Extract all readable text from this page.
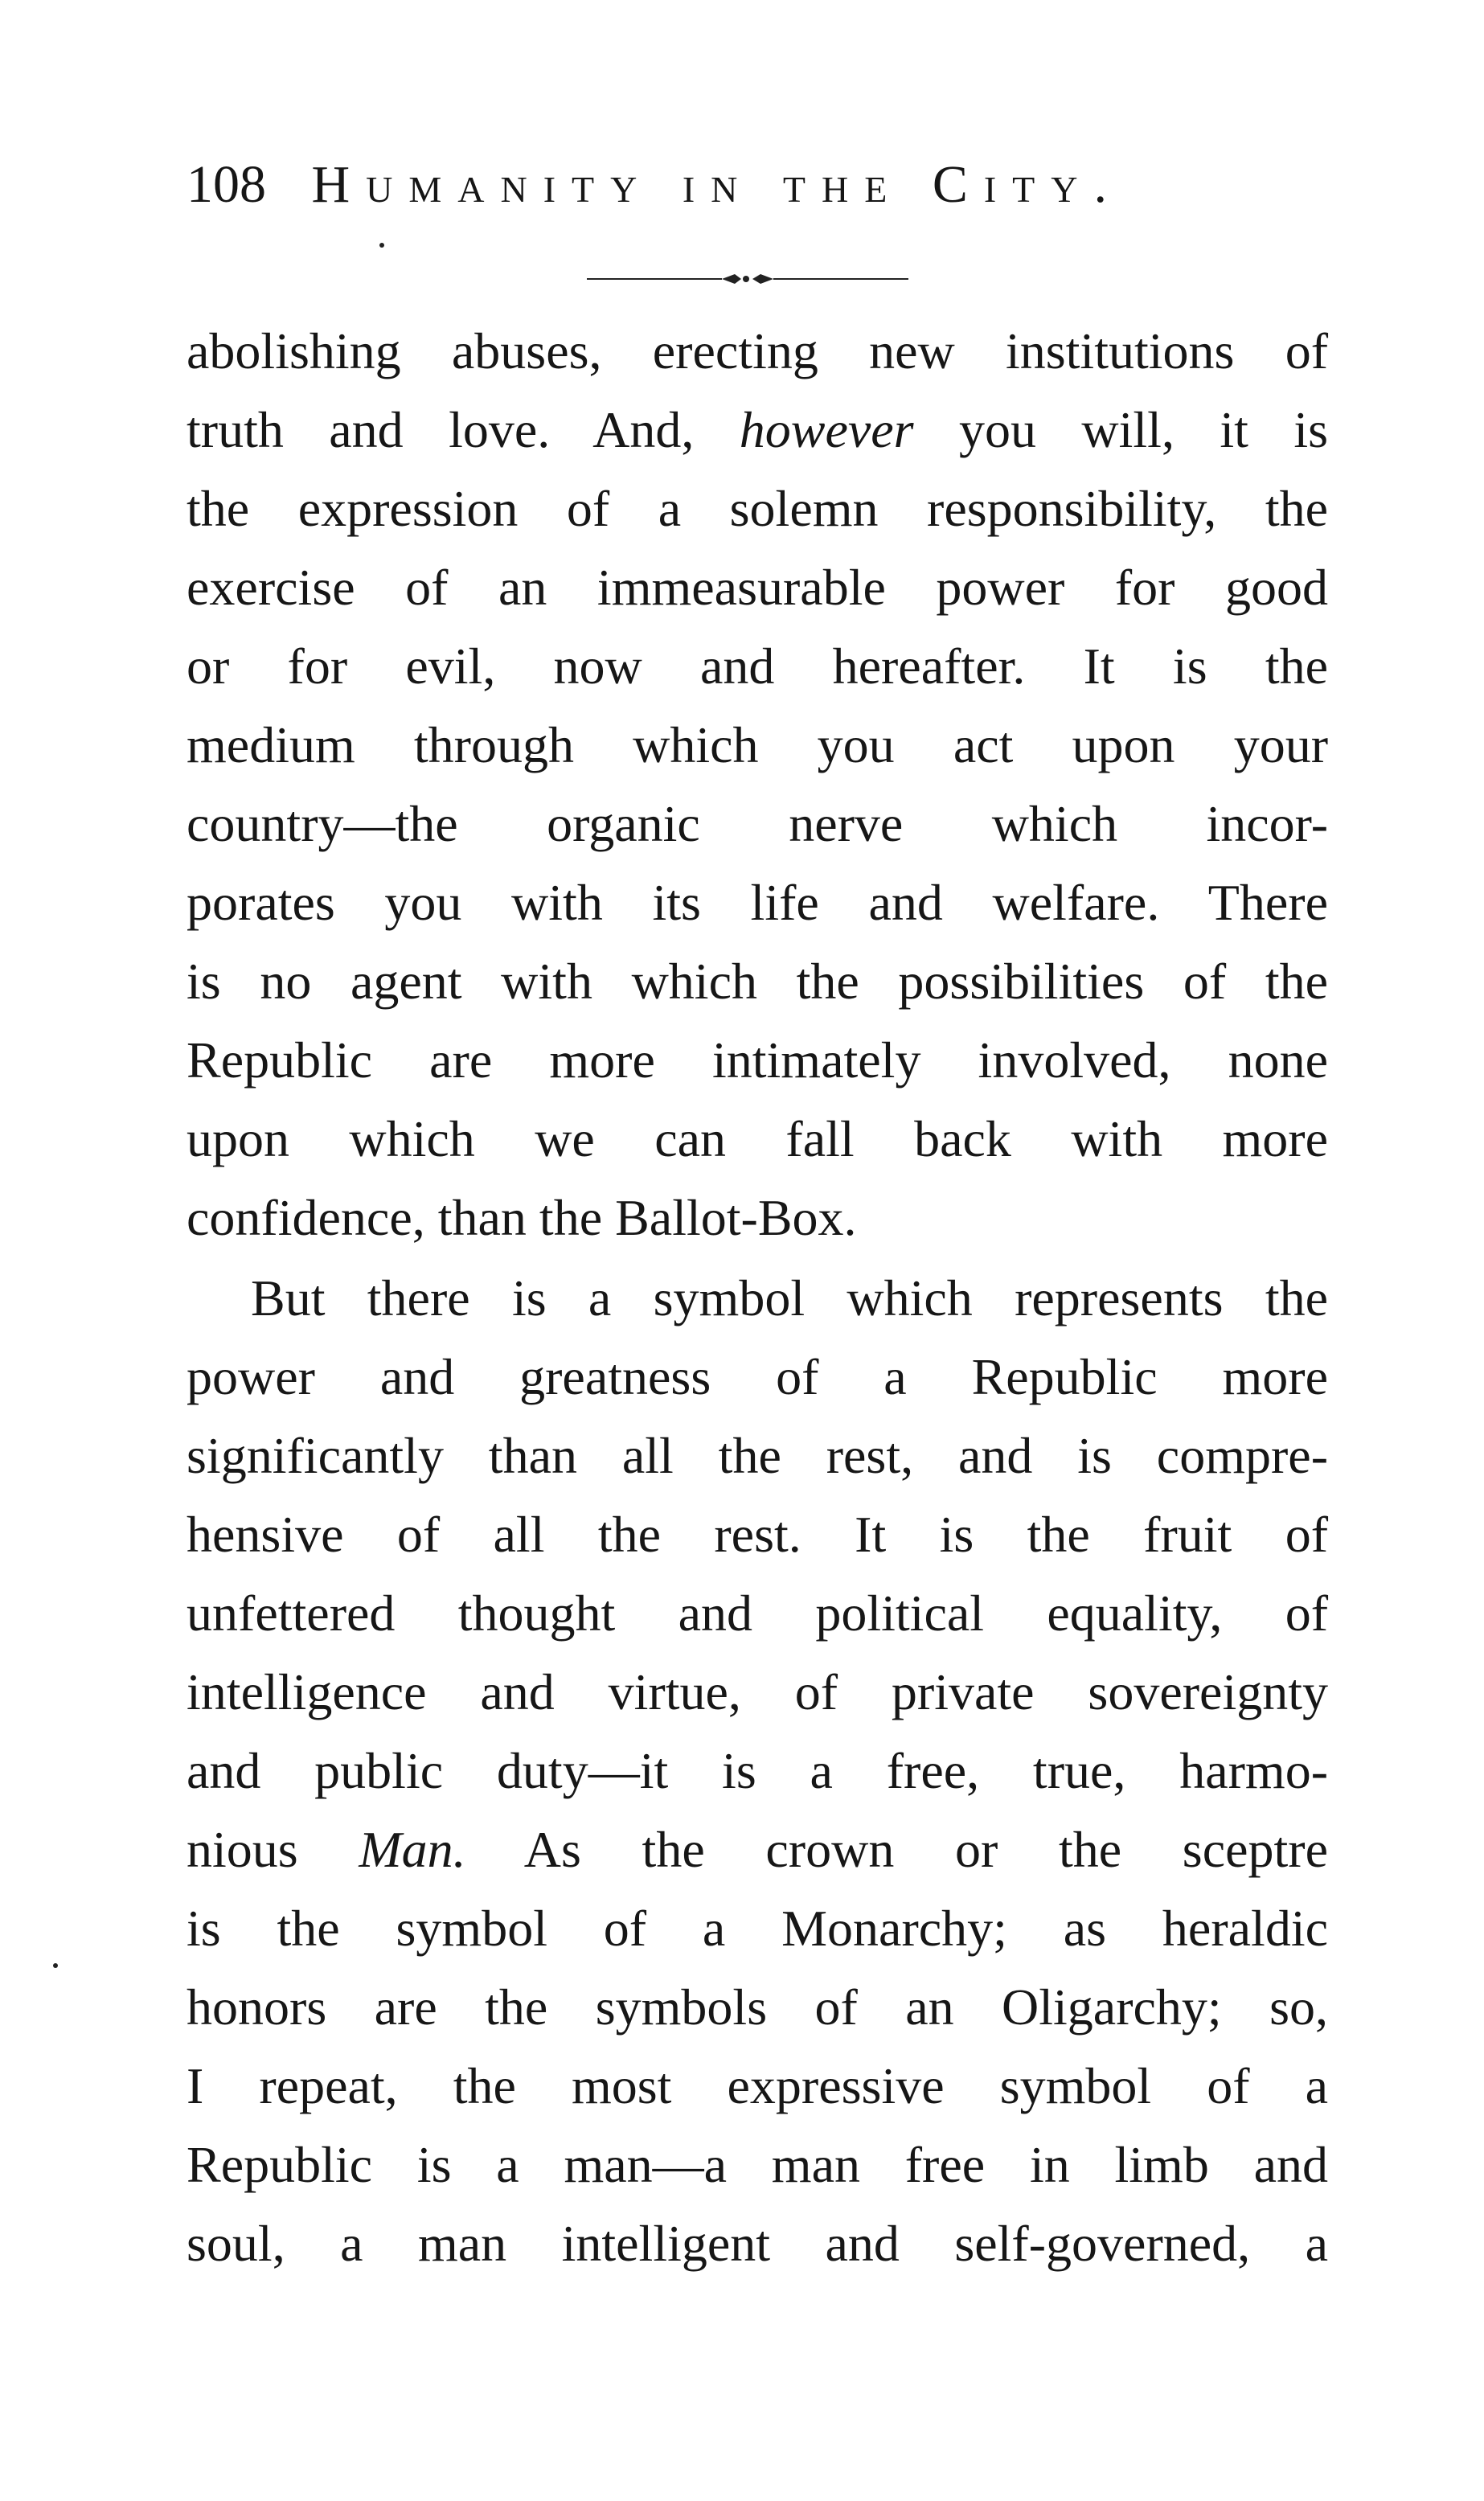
108 Humanity in the City.
abolishing abuses, erecting new institutions of
truth and love. And, however you will, it is
the expression of a solemn responsibility, the
exercise of an immeasurable power for good
or for evil, now and hereafter. It is the
medium through which you act upon your
country—the organic nerve which incor-
porates you with its life and welfare. There
is no agent with which the possibilities of the
Republic are more intimately involved, none
upon which we can fall back with more
confidence, than the Ballot-Box.
But there is a symbol which represents the
power and greatness of a Republic more
significantly than all the rest, and is compre-
hensive of all the rest. It is the fruit of
unfettered thought and political equality, of
intelligence and virtue, of private sovereignty
and public duty—it is a free, true, harmo-
nious Man. As the crown or the sceptre
is the symbol of a Monarchy; as heraldic
honors are the symbols of an Oligarchy; so,
I repeat, the most expressive symbol of a
Republic is a man—a man free in limb and
soul, a man intelligent and self-governed, a
